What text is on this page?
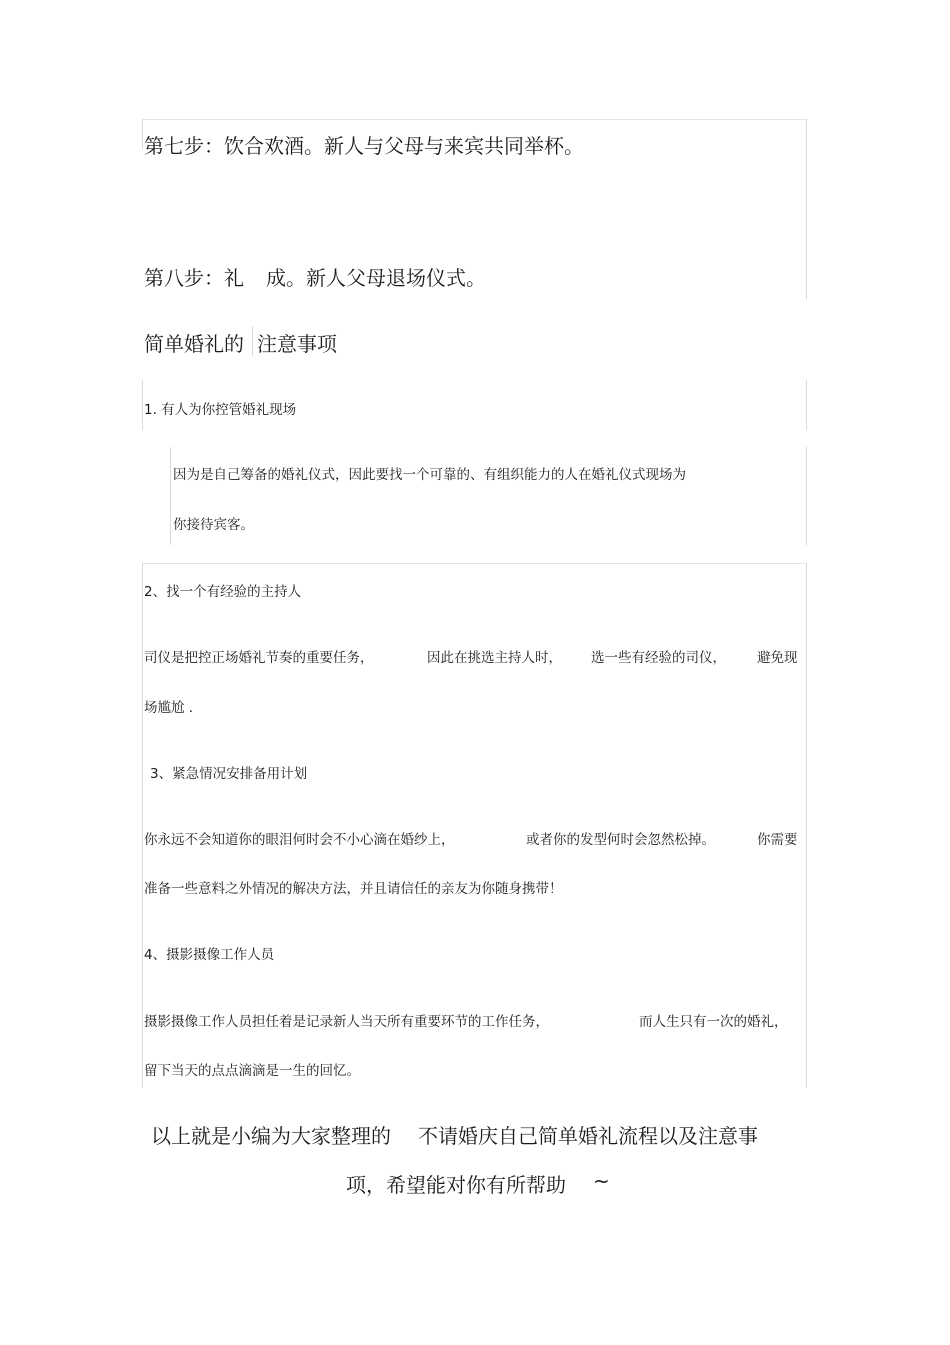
第七步：饮合欢酒。新人与父母与来宾共同举杯。
第八步：礼 成。新人父母退场仪式。
简单婚礼的 注意事项
1. 有人为你控管婚礼现场
因为是自己筹备的婚礼仪式，因此要找一个可靠的、有组织能力的人在婚礼仪式现场为
你接待宾客。
2、找一个有经验的主持人
司仪是把控正场婚礼节奏的重要任务，	因此在挑选主持人时， 选一些有经验的司仪， 避免现
场尴尬 .
3、紧急情况安排备用计划
你永远不会知道你的眼泪何时会不小心滴在婚纱上，	或者你的发型何时会忽然松掉。	你需要
准备一些意料之外情况的解决方法，并且请信任的亲友为你随身携带！
4、摄影摄像工作人员
摄影摄像工作人员担任着是记录新人当天所有重要环节的工作任务，	而人生只有一次的婚礼，
留下当天的点点滴滴是一生的回忆。
以上就是小编为大家整理的 不请婚庆自己简单婚礼流程以及注意事
项，希望能对你有所帮助 ~
